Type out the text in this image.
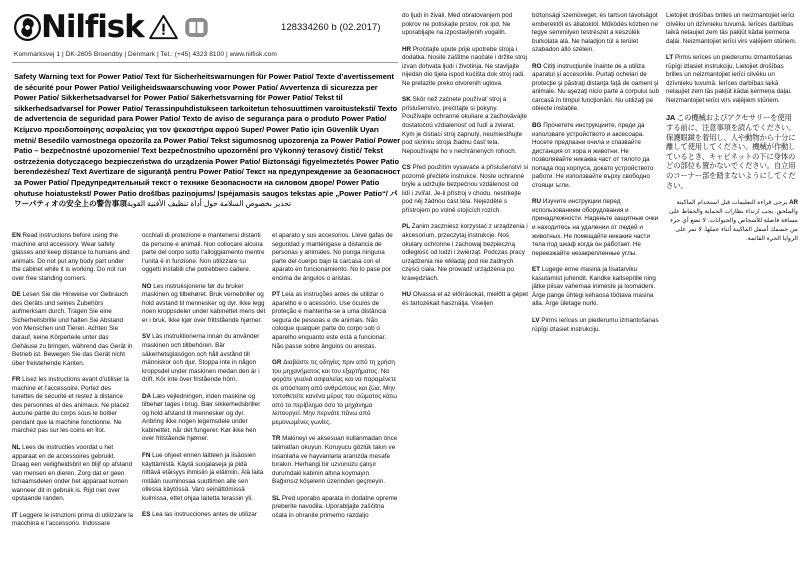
Nilfisk
Kommarksvej 1 | DK-2605 Broendby | Denmark | Tel.: (+45) 4323 8100 | www.nilfisk.com
128334260 b (02.2017)
Safety Warning text for Power Patio/ Text für Sicherheitswarnungen für Power Patio/ Texte d’avertissement de sécurité pour Power Patio/ Veiligheidswaarschuwing voor Power Patio/ Avvertenza di sicurezza per Power Patio/ Sikkerhetsadvarsel for Power Patio/ Säkerhetsvarning för Power Patio/ Tekst til sikkerhedsadvarsel for Power Patio/ Terassinpuhdistukseen tarkoitetun tehosuuttimen varoitusteksti/ Texto de advertencia de seguridad para Power Patio/ Texto de aviso de segurança para o produto Power Patio/ Κείμενο προειδοποίησης ασφαλείας για τον ψεκαστήρα αφρού Super/ Power Patio için Güvenlik Uyarı metni/ Besedilo varnostnega opozorila za Power Patio/ Tekst sigumosnog upozorenja za Power Patio/ Power Patio – bezpečnostné upozornenie/ Text bezpečnostního upozornění pro Výkonný terasový čistič/ Tekst ostrzeżenia dotyczącego bezpieczeństwa do urządzenia Power Patio/ Biztonsági figyelmeztetés Power Patio berendezéshez/ Text Avertizare de siguranţă pentru Power Patio/ Текст на предупреждение за безопасност за Power Patio/ Предупредительный текст о технике безопасности на силовом дворе/ Power Patio ohutuse hoiatustekst/ Power Patio drošības paziņojums/ Įspėjamasis saugos tekstas apie „Power Patio“/ パワーパティオの安全上の警告事項	تحذير بخصوص السلامة حول أداة تنظيف الأفنية القوية

EN Read instructions before using the machine and accessory. Wear safety glasses and keep distance to humans and animals. Do not put any body part under the cabinet while it is working. Do not run over free standing corners.

DE Lesen Sie die Hinweise vor Gebrauch des Geräts und seines Zubehörs aufmerksam durch. Tragen Sie eine Sicherheitsbrille und halten Sie Abstand von Menschen und Tieren. Achten Sie darauf, keine Körperteile unter das Gehäuse zu bringen, während das Gerät in Betrieb ist. Bewegen Sie das Gerät nicht über freistehende Kanten.

FR Lisez les instructions avant d’utiliser la machine et l’accessoire. Portez des lunettes de sécurité et restez à distance des personnes et des animaux. Ne placez aucune partie du corps sous le boîtier pendant que la machine fonctionne. Ne marchez pas sur les coins en îlot.

NL Lees de instructies voordat u het apparaat en de accessoires gebruikt. Draag een veiligheidsbril en blijf op afstand van mensen en dieren. Zorg dat er geen lichaamsdelen onder het apparaat komen wanneer dit in gebruik is. Rijd niet over opstaande randen.

IT Leggere le istruzioni prima di utilizzare la macchina e l’accessorio. Indossare

occhiali di protezione e mantenersi distanti da persone e animali. Non collocare alcuna parte del corpo sotto l’alloggiamento mentre l’unità è in funzione. Non utilizzare su oggetti instabili che potrebbero cadere.

NO Les instruksjonene før du bruker maskinen og tilbehøret. Bruk vernebriller og hold avstand til mennesker og dyr. Ikke legg noen kroppsdeler under kabinettet mens det er i bruk. Ikke kjør over frittstående hjørner.

SV Läs instruktionerna innan du använder maskinen och tillbehören. Bär säkerhetsglasögon och håll avstånd till människor och djur. Stoppa inte in någon kroppsdel under maskinen medan den är i drift. Kör inte över fristående hörn.

DA Læs vejledningen, inden maskine og tilbehør tages i brug. Bær sikkerhedsbriller og hold afstand til mennesker og dyr. Anbring ikke nogen legemsdele under kabinettet, når det fungerer. Kør ikke hen over fritstående hjørner.

FN Lue ohjeet ennen laitteen ja lisäosien käyttämistä. Käytä suojalaseja ja pidä riittävä etäisyys ihmisiin ja eläimiin. Älä laita mitään ruuminosaa suuttimen alle sen ollessa käytössä. Varo seinättömissä kulmissa, ettet ohjaa laitetta terassin yli.

ES Lea las instrucciones antes de utilizar

el aparato y sus accesorios. Lleve gafas de seguridad y manténgase a distancia de personas y animales. No ponga ninguna parte del cuerpo bajo la carcasa con el aparato en funcionamiento. No lo pase por encima de ángulos o aristas.

PT Leia as instruções antes de utilizar o aparelho e o acessório. Use óculos de proteção e mantenha-se a uma distância segura de pessoas e de animais. Não coloque qualquer parte do corpo sob o aparelho enquanto este está a funcionar. Não passe sobre ângulos ou arestas.

GR Διαβάστε τις οδηγίες πριν από τη χρήση του μηχανήματος και του εξαρτήματος. Να φοράτε γυαλιά ασφαλείας και να παραμένετε σε απόσταση από ανθρώπους και ζώα. Μην τοποθετείτε κανένα μέρος του σώματος κάτω από το περίβλημα όσο το μηχάνημα λειτουργεί. Μην περνάτε πάνω από μεμονωμένες γωνίες.

TR Makineyi ve aksesuarı kullanmadan önce talimatları okuyun. Koruyucu gözlük takın ve insanlarla ve hayvanlarla aranızda mesafe bırakın. Herhangi bir uzvunuzu çalışır durumdaki kabinin altına koymayın. Bağımsız köşelerin üzerinden geçmeyin.

SL Pred uporabo aparata in dodatne opreme preberite navodila. Uporabljajte zaščitna očala in ohranite primerno razdaljo

do ljudi in živali. Med obratovanjem pod pokrov ne potiskajte prstov, rok ipd. Ne uporabljajte na izpostavljenih vogalih.

HR Pročitajte upute prije upotrebe stroja i dodatka. Nosite zaštitne naočale i držite stroj izvan dohvata ljudi i životinja. Ne stavljajte nijedan dio tijela ispod kućišta dok stroj radi. Ne prelazite preko otvorenih uglova.

SK Skôr než začnete používať stroj a príslušenstvo, prečítajte si pokyny. Používajte ochranné okuliare a zachovávajte dostatočnú vzdialenosť od ľudí a zvierat. Kým je čistiaci stroj zapnutý, neumiestňujte pod skrinku stroja žiadnu časť tela. Nepoužívajte ho v nechránených rohoch.

CS Před použitím vysavače a příslušenství si pozorně přečtěte instrukce. Noste ochranné brýle a udržujte bezpečnou vzdálenost od lidí i zvířat. Je-li přístroj v chodu, nestrkejte pod něj žádnou část těla. Nejezděte s přístrojem po volně stojících rozích.

PL Zanim zaczniesz korzystać z urządzenia i akcesorium, przeczytaj instrukcje. Noś okulary ochronne i zachowaj bezpieczną odległość od ludzi i zwierząt. Podczas pracy urządzenia nie wkładaj pod nie żadnych części ciała. Nie prowadź urządzenia po krawędziach.

HU Olvassa el az előírásokat, mielőtt a gépet és tartozékait használja. Viseljen

biztonsági szemüveget, és tartson távolságot emberektől és állatoktól. Működés közben ne tegye semmilyen testrészét a készülék burkolata alá. Ne haladjon túl a terület szabadon álló szélein.

RO Citiţi instrucţiunile înainte de a utiliza aparatul şi accesoriile. Purtaţi ochelari de protecţie şi păstraţi distanţa faţă de oameni şi animale. Nu aşezaţi nicio parte a corpului sub carcasă în timpul funcţionării. Nu utilizaţi pe obiecte instabile.

BG Прочетете инструкциите, преди да използвате устройството и аксесоара. Носете предпазни очила и спазвайте дистанция от хора и животни. Не позволявайте никаква част от тялото да попада под корпуса, докато устройството работи. Не използвайте върху свободно стоящи ъгли.

RU Изучите инструкции перед использованием оборудования и принадлежности. Наденьте защитные очки и находитесь на удалении от людей и животных. Не помещайте никакие части тела под шкаф когда он работает. Не переезжайте незакрепленные углы.

ET Lugege enne masina ja lisatarviku kasutamist juhendit. Kandke kaitseprille ning jätke piisav vahemaa inimeste ja loomadeni. Ärge pange ühtegi kehaosa töötava masina alla. Ärge ületage nurki.

LV Pirms ierīces un piederumu izmantošanas rūpīgi izlasiet instrukciju.

Lietojiet drošības brilles un neizmantojiet ierīci cilvēku un dzīvnieku tuvumā. Ierīces darbības laikā nelaujiet zem tās pakļūt kādai ķermeņa daļai. Neizmantojiet ierīci virs vaļējiem stūriem.

LT Pirms ierīces un piederumu izmantošanas rūpīgi izlasiet instrukciju. Lietojiet drošības brilles un neizmantojiet ierīci cilvēku un dzīvnieku tuvumā. Ierīces darbības laikā nelaujiet zem tās pakļūt kādai ķermeņa daļai. Neizmantojiet ierīci virs vaļējiem stūriem.

JA この機械およびアクセサリーを使用する前に、注意事項を読んでください。保護眼鏡を着用し、人や動物から十分に離して使用してください。機械が作動しているとき、キャビネットの下に身体のどの部位も置かないでください。自立用のコーナー部を踏まないようにしてください。

AR يرجى قراءة التعليمات قبل استخدام الماكينة والملحق. يجب ارتداء نظارات الحماية والحفاظ على مسافة فاصلة للأشخاص والحيوانات. لا تضع أي جزء من جسمك أسفل الماكينة أثناء عملها. لا تمر على الزوايا الحرة القائمة.
